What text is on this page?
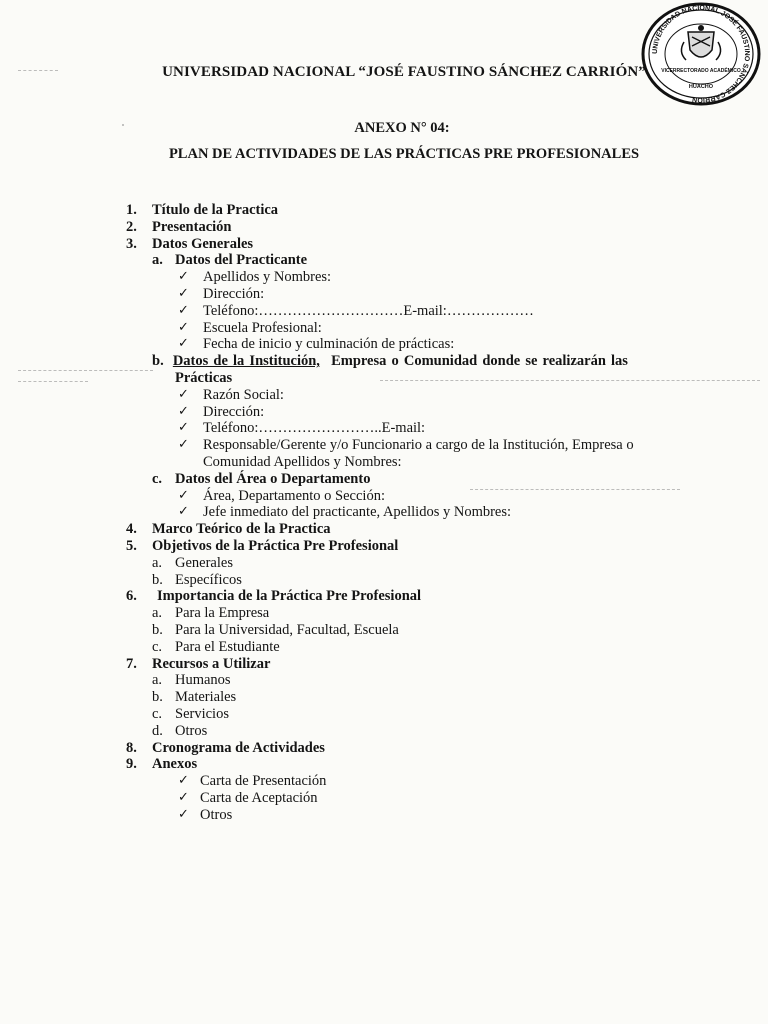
UNIVERSIDAD NACIONAL JOSÉ FAUSTINO SÁNCHEZ CARRIÓN
VICERRECTORADO ACADÉMICO
HUACHO
UNIVERSIDAD NACIONAL “JOSÉ FAUSTINO SÁNCHEZ CARRIÓN”
ANEXO N° 04:
PLAN DE ACTIVIDADES DE LAS PRÁCTICAS PRE PROFESIONALES
1. Título de la Practica
2. Presentación
3. Datos Generales
a. Datos del Practicante
✓ Apellidos y Nombres:
✓ Dirección:
✓ Teléfono:…………………………E-mail:………………
✓ Escuela Profesional:
✓ Fecha de inicio y culminación de prácticas:
b. Datos de la Institución, Empresa o Comunidad donde se realizarán las
Prácticas
✓ Razón Social:
✓ Dirección:
✓ Teléfono:……………………..E-mail:
✓ Responsable/Gerente y/o Funcionario a cargo de la Institución, Empresa o
Comunidad Apellidos y Nombres:
c. Datos del Área o Departamento
✓ Área, Departamento o Sección:
✓ Jefe inmediato del practicante, Apellidos y Nombres:
4. Marco Teórico de la Practica
5. Objetivos de la Práctica Pre Profesional
a. Generales
b. Específicos
6. Importancia de la Práctica Pre Profesional
a. Para la Empresa
b. Para la Universidad, Facultad, Escuela
c. Para el Estudiante
7. Recursos a Utilizar
a. Humanos
b. Materiales
c. Servicios
d. Otros
8. Cronograma de Actividades
9. Anexos
✓ Carta de Presentación
✓ Carta de Aceptación
✓ Otros
